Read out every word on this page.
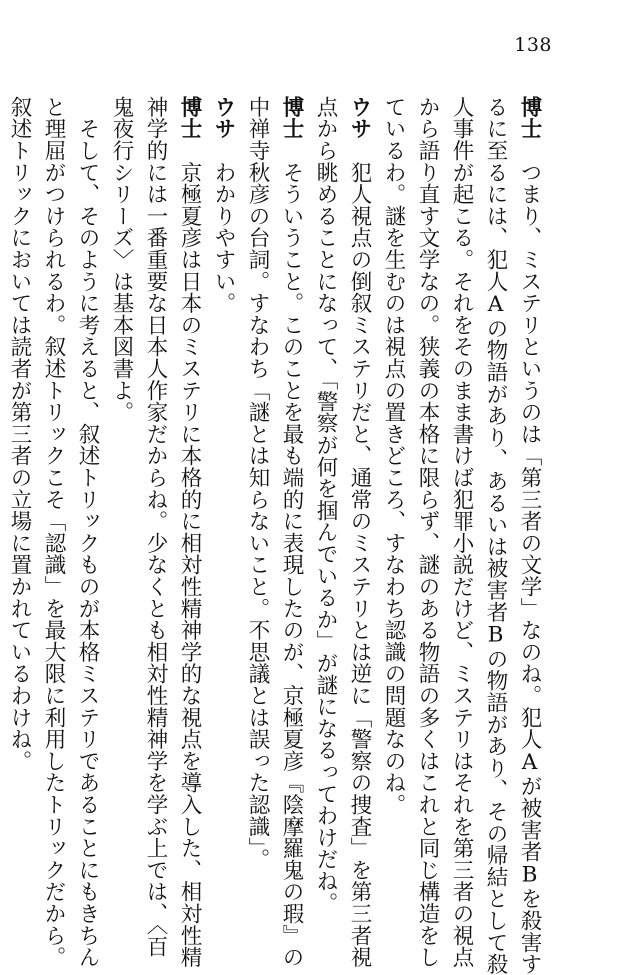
138
博士　つまり、ミステリというのは「第三者の文学」なのね。犯人Aが被害者Bを殺害す
るに至るには、犯人Aの物語があり、あるいは被害者Bの物語があり、その帰結として殺
人事件が起こる。それをそのまま書けば犯罪小説だけど、ミステリはそれを第三者の視点
から語り直す文学なの。狭義の本格に限らず、謎のある物語の多くはこれと同じ構造をし
ているわ。謎を生むのは視点の置きどころ、すなわち認識の問題なのね。
ウサ　犯人視点の倒叙ミステリだと、通常のミステリとは逆に「警察の捜査」を第三者視
点から眺めることになって、「警察が何を掴んでいるか」が謎になるってわけだね。
博士　そういうこと。このことを最も端的に表現したのが、京極夏彦『陰摩羅鬼の瑕』の
中禅寺秋彦の台詞。すなわち「謎とは知らないこと。不思議とは誤った認識」。
ウサ　わかりやすい。
博士　京極夏彦は日本のミステリに本格的に相対性精神学的な視点を導入した、相対性精
神学的には一番重要な日本人作家だからね。少なくとも相対性精神学を学ぶ上では、〈百
鬼夜行シリーズ〉は基本図書よ。
　そして、そのように考えると、叙述トリックものが本格ミステリであることにもきちん
と理屈がつけられるわ。叙述トリックこそ「認識」を最大限に利用したトリックだから。
叙述トリックにおいては読者が第三者の立場に置かれているわけね。
